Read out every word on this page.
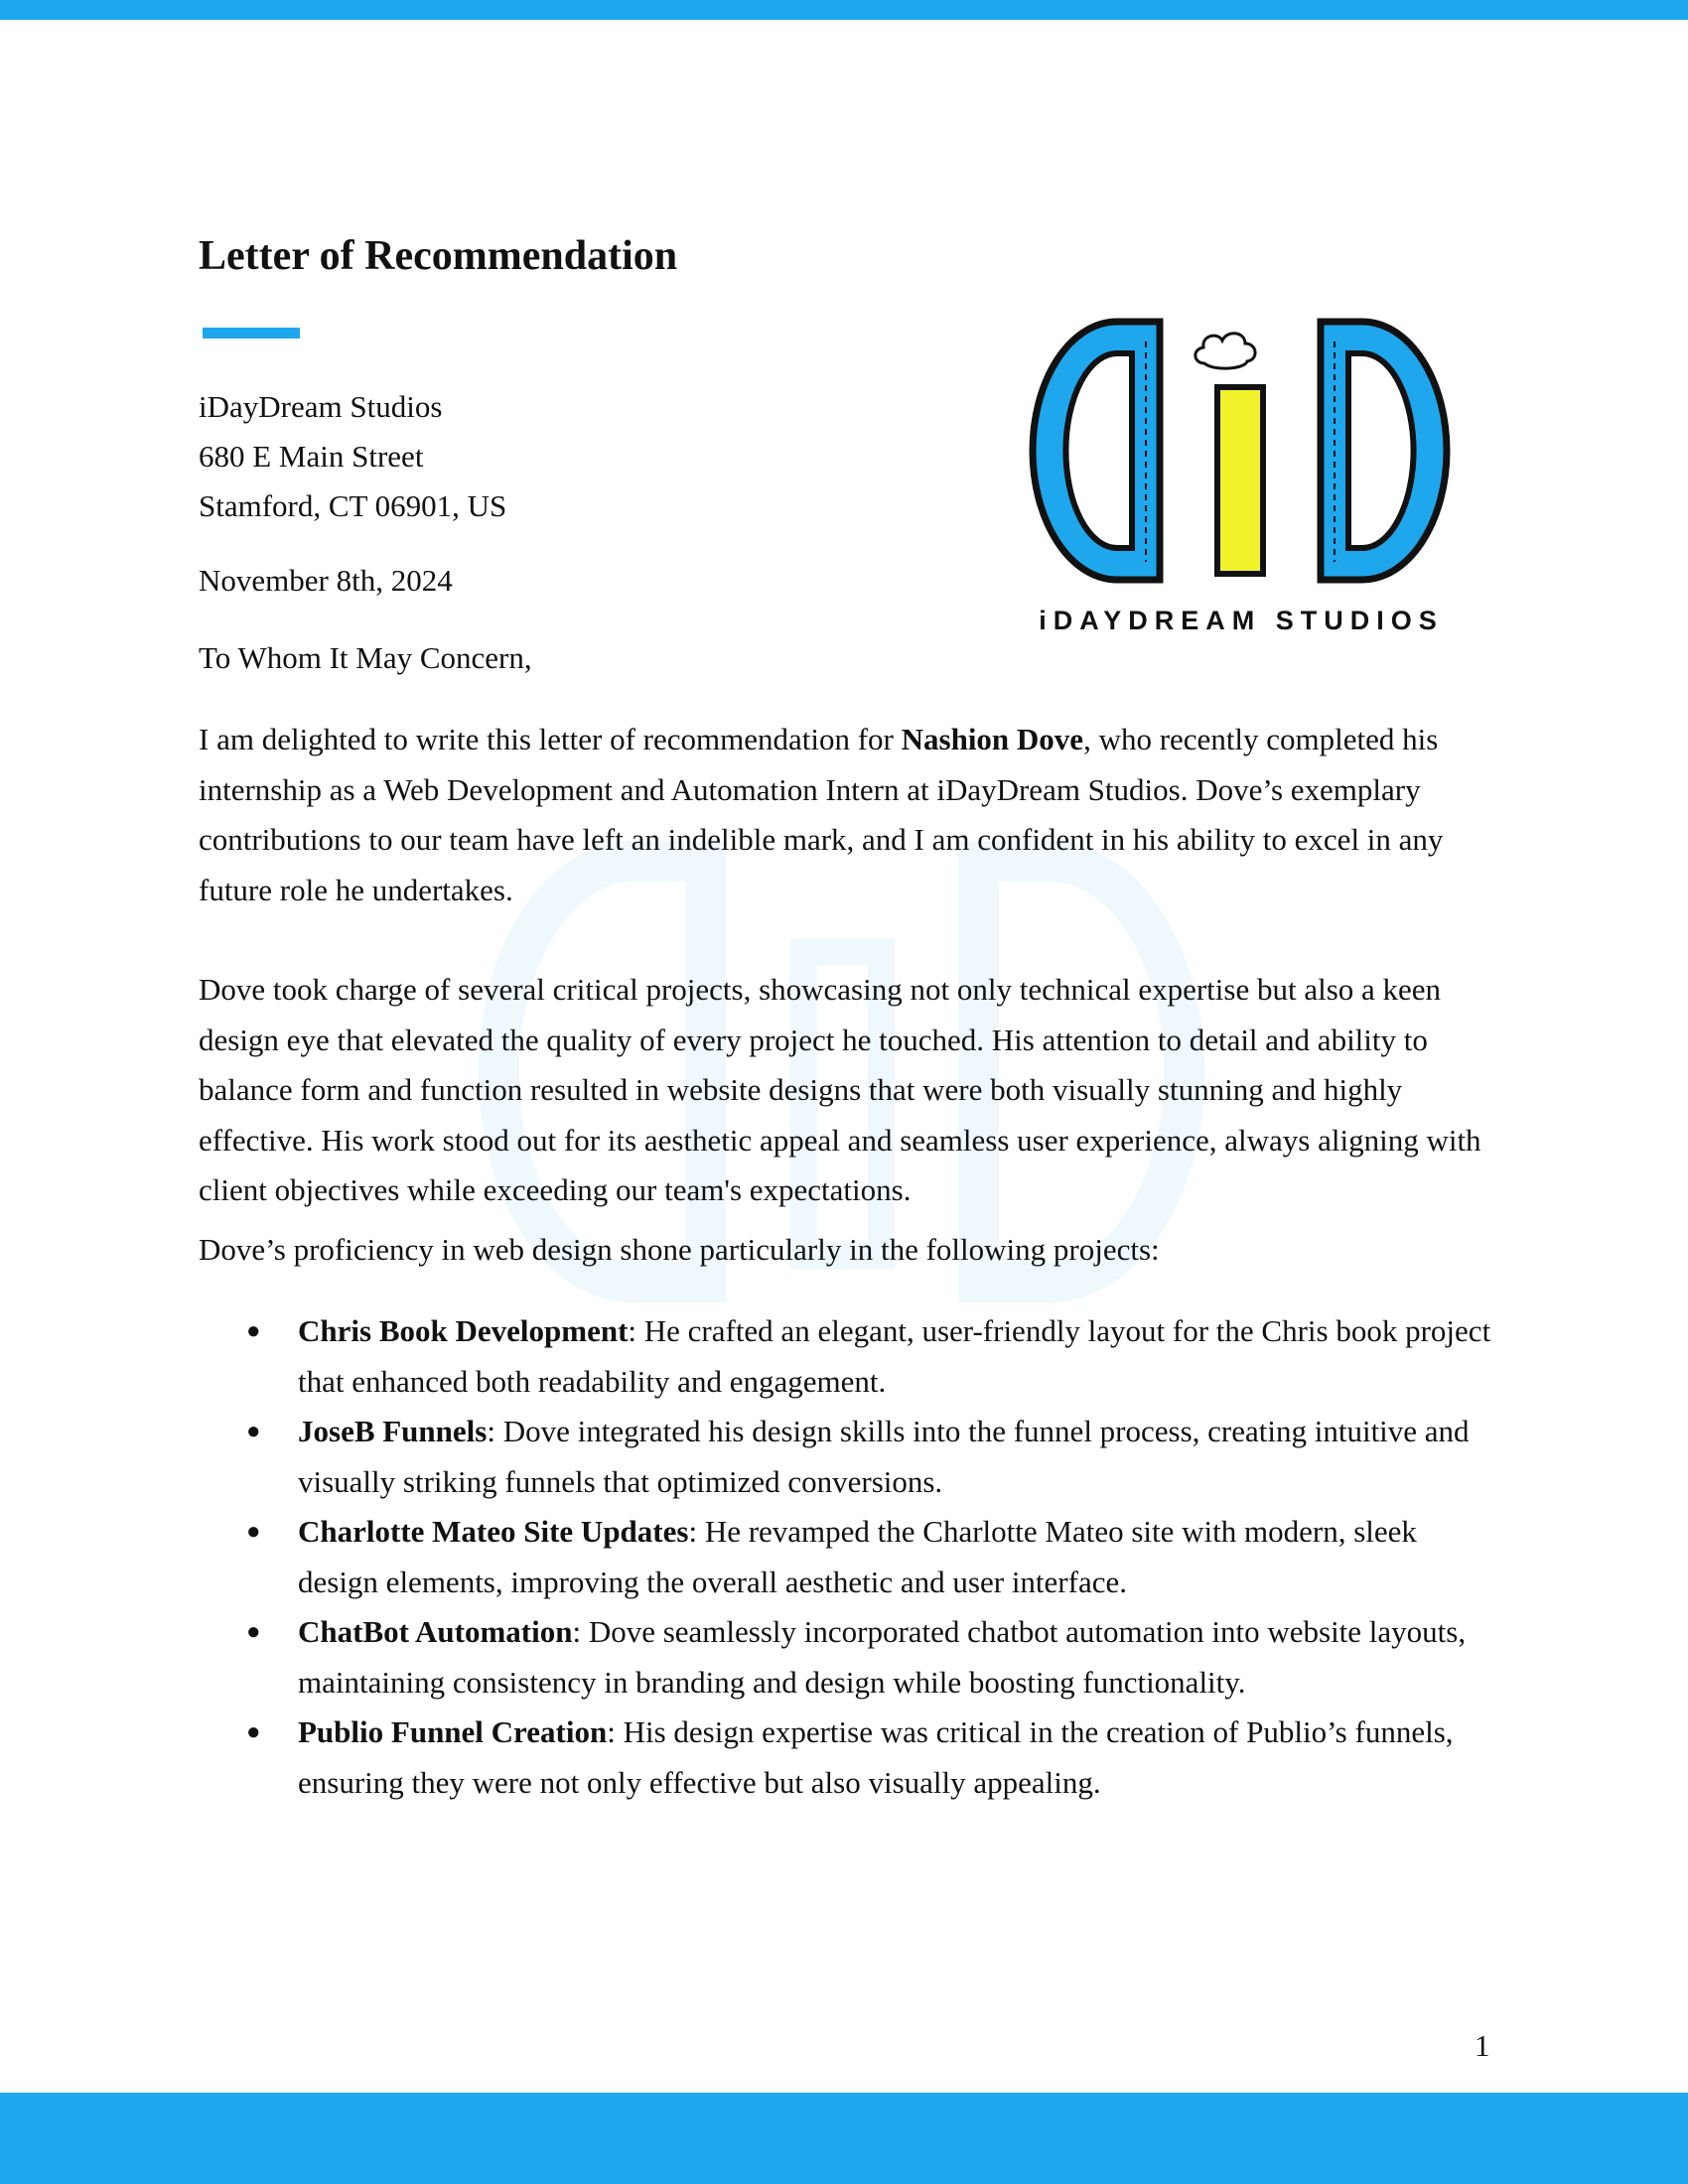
Letter of Recommendation
iDAYDREAM STUDIOS
iDayDream Studios
680 E Main Street
Stamford, CT 06901, US
November 8th, 2024
To Whom It May Concern,

I am delighted to write this letter of recommendation for Nashion Dove, who recently completed his internship as a Web Development and Automation Intern at iDayDream Studios. Dove’s exemplary contributions to our team have left an indelible mark, and I am confident in his ability to excel in any future role he undertakes.

Dove took charge of several critical projects, showcasing not only technical expertise but also a keen design eye that elevated the quality of every project he touched. His attention to detail and ability to balance form and function resulted in website designs that were both visually stunning and highly effective. His work stood out for its aesthetic appeal and seamless user experience, always aligning with client objectives while exceeding our team's expectations.

Dove’s proficiency in web design shone particularly in the following projects:

● Chris Book Development: He crafted an elegant, user-friendly layout for the Chris book project that enhanced both readability and engagement.
● JoseB Funnels: Dove integrated his design skills into the funnel process, creating intuitive and visually striking funnels that optimized conversions.
● Charlotte Mateo Site Updates: He revamped the Charlotte Mateo site with modern, sleek design elements, improving the overall aesthetic and user interface.
● ChatBot Automation: Dove seamlessly incorporated chatbot automation into website layouts, maintaining consistency in branding and design while boosting functionality.
● Publio Funnel Creation: His design expertise was critical in the creation of Publio’s funnels, ensuring they were not only effective but also visually appealing.
1
